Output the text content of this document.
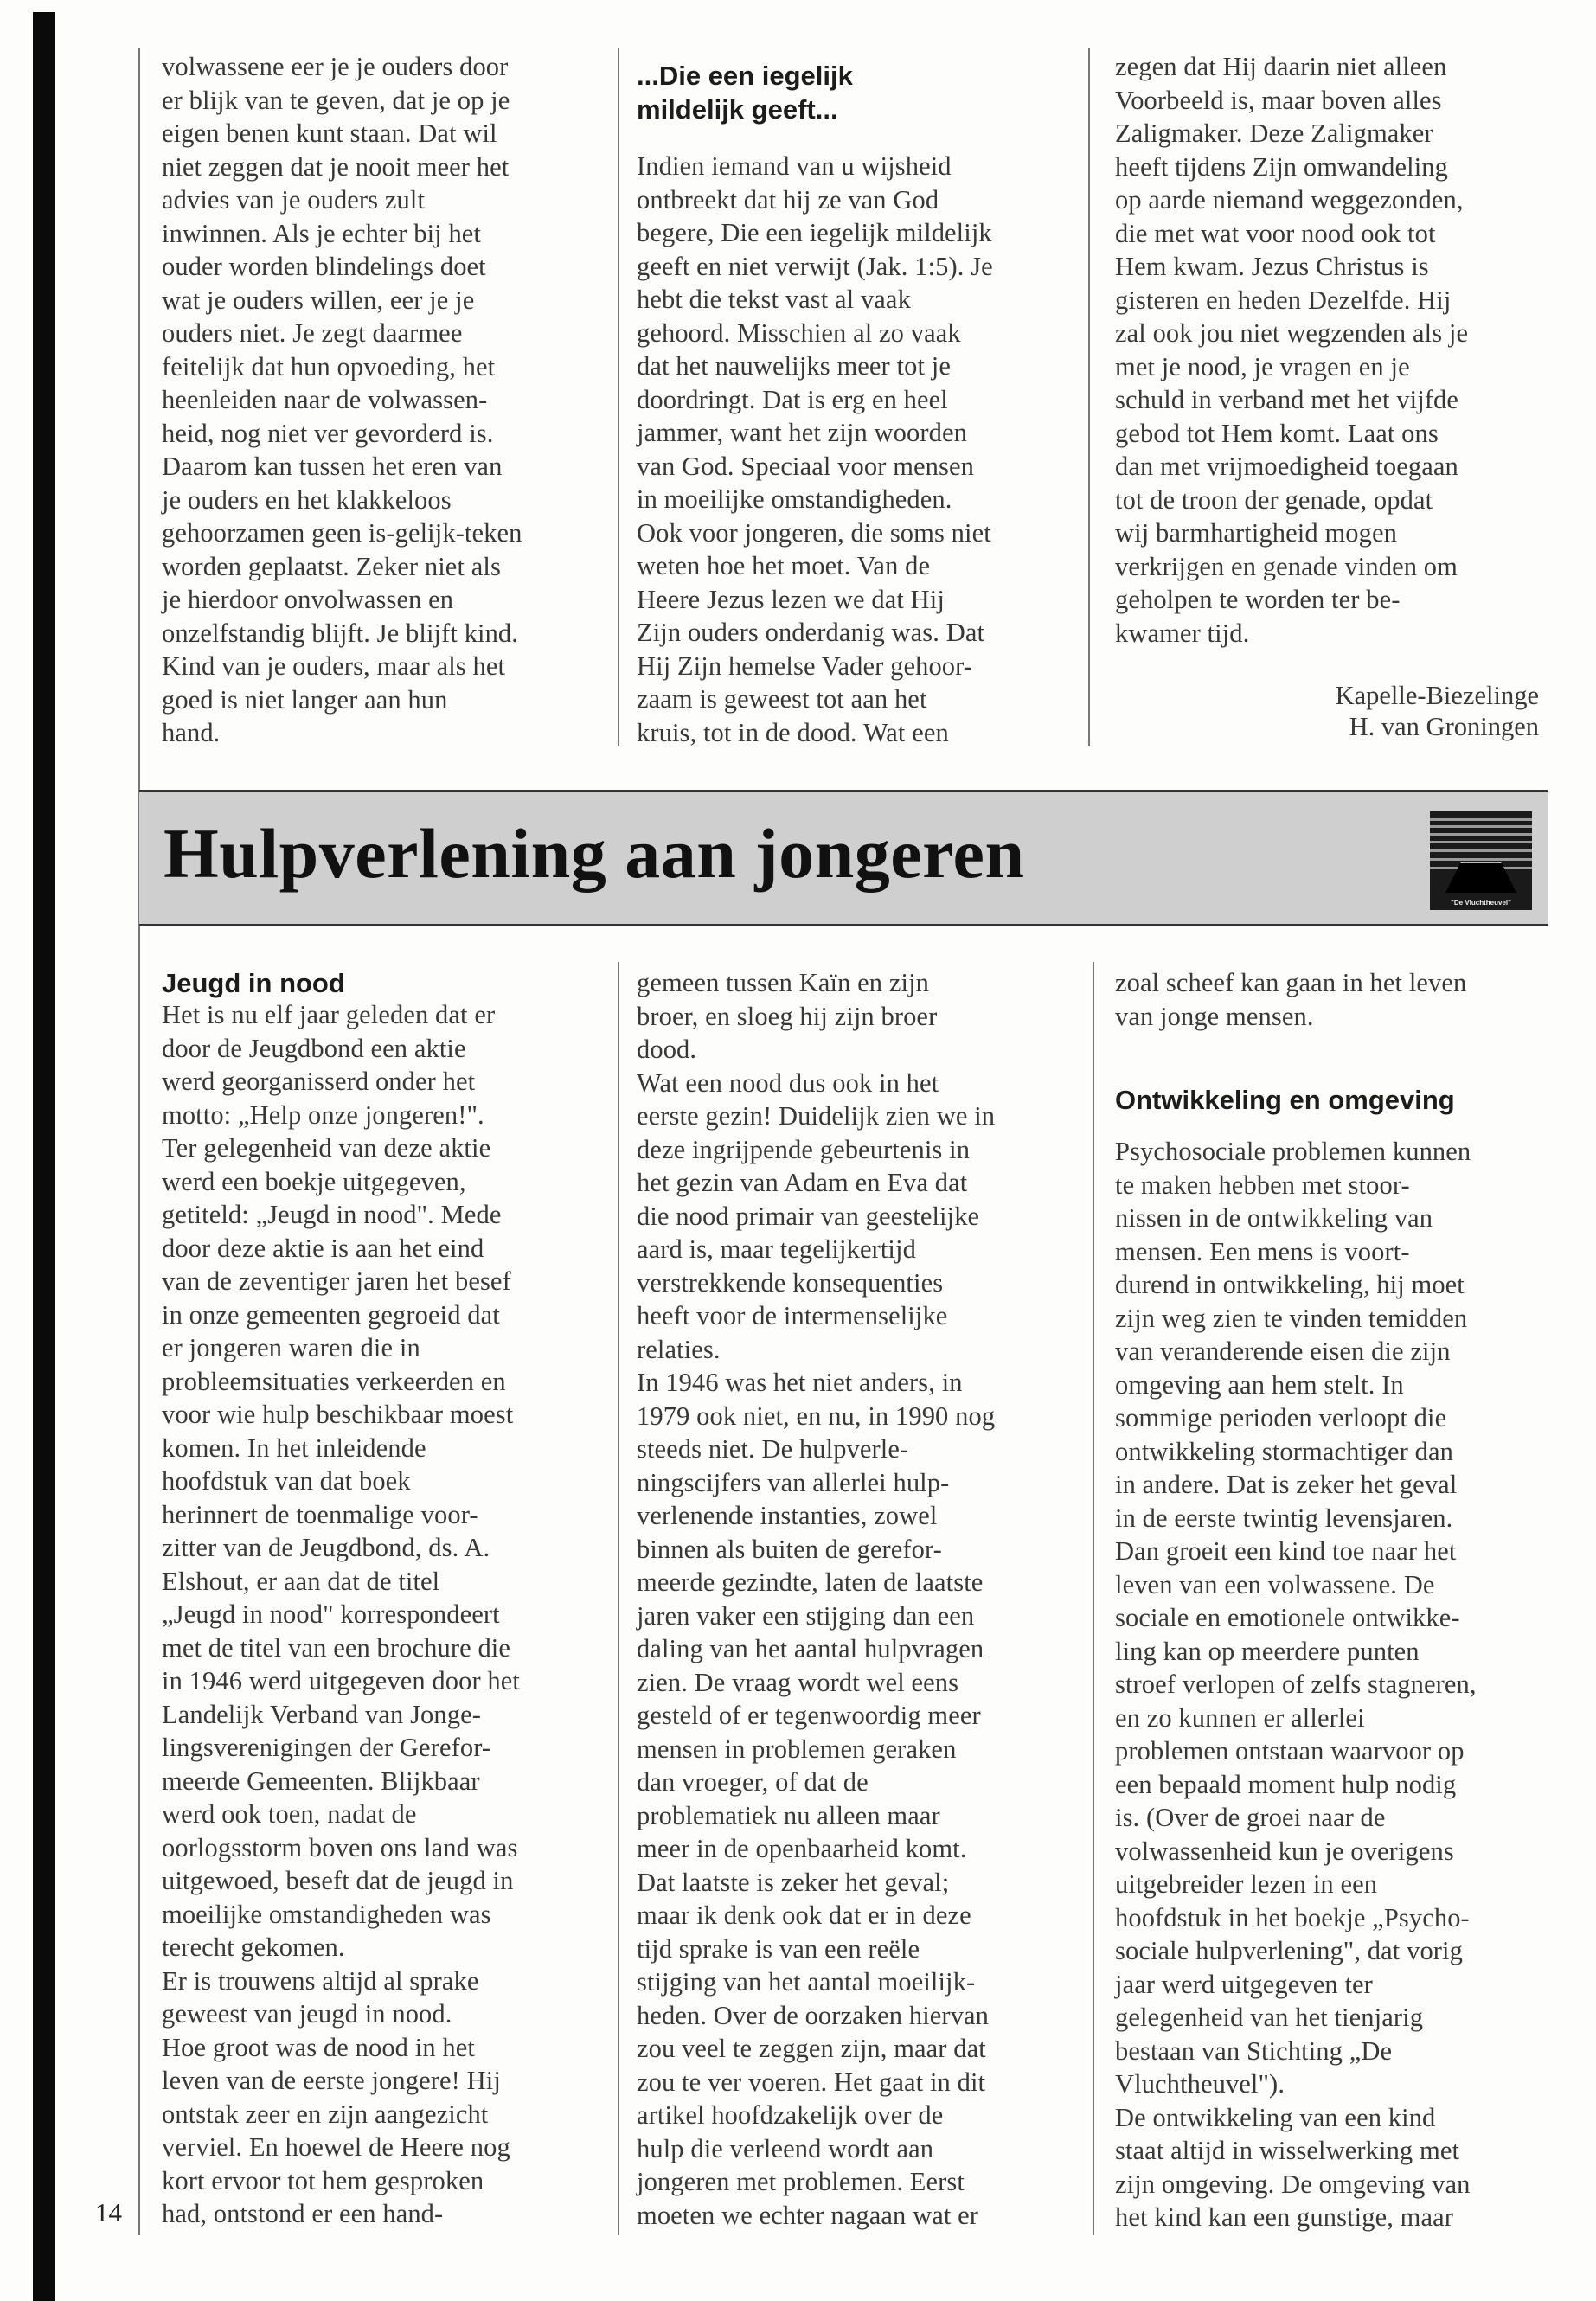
volwassene eer je je ouders door
er blijk van te geven, dat je op je
eigen benen kunt staan. Dat wil
niet zeggen dat je nooit meer het
advies van je ouders zult
inwinnen. Als je echter bij het
ouder worden blindelings doet
wat je ouders willen, eer je je
ouders niet. Je zegt daarmee
feitelijk dat hun opvoeding, het
heenleiden naar de volwassen-
heid, nog niet ver gevorderd is.
Daarom kan tussen het eren van
je ouders en het klakkeloos
gehoorzamen geen is-gelijk-teken
worden geplaatst. Zeker niet als
je hierdoor onvolwassen en
onzelfstandig blijft. Je blijft kind.
Kind van je ouders, maar als het
goed is niet langer aan hun
hand.
...Die een iegelijk
mildelijk geeft...
Indien iemand van u wijsheid
ontbreekt dat hij ze van God
begere, Die een iegelijk mildelijk
geeft en niet verwijt (Jak. 1:5). Je
hebt die tekst vast al vaak
gehoord. Misschien al zo vaak
dat het nauwelijks meer tot je
doordringt. Dat is erg en heel
jammer, want het zijn woorden
van God. Speciaal voor mensen
in moeilijke omstandigheden.
Ook voor jongeren, die soms niet
weten hoe het moet. Van de
Heere Jezus lezen we dat Hij
Zijn ouders onderdanig was. Dat
Hij Zijn hemelse Vader gehoor-
zaam is geweest tot aan het
kruis, tot in de dood. Wat een
zegen dat Hij daarin niet alleen
Voorbeeld is, maar boven alles
Zaligmaker. Deze Zaligmaker
heeft tijdens Zijn omwandeling
op aarde niemand weggezonden,
die met wat voor nood ook tot
Hem kwam. Jezus Christus is
gisteren en heden Dezelfde. Hij
zal ook jou niet wegzenden als je
met je nood, je vragen en je
schuld in verband met het vijfde
gebod tot Hem komt. Laat ons
dan met vrijmoedigheid toegaan
tot de troon der genade, opdat
wij barmhartigheid mogen
verkrijgen en genade vinden om
geholpen te worden ter be-
kwamer tijd.
Kapelle-Biezelinge
H. van Groningen
Hulpverlening aan jongeren
"De Vluchtheuvel"
Jeugd in nood
Het is nu elf jaar geleden dat er
door de Jeugdbond een aktie
werd georganisserd onder het
motto: „Help onze jongeren!".
Ter gelegenheid van deze aktie
werd een boekje uitgegeven,
getiteld: „Jeugd in nood". Mede
door deze aktie is aan het eind
van de zeventiger jaren het besef
in onze gemeenten gegroeid dat
er jongeren waren die in
probleemsituaties verkeerden en
voor wie hulp beschikbaar moest
komen. In het inleidende
hoofdstuk van dat boek
herinnert de toenmalige voor-
zitter van de Jeugdbond, ds. A.
Elshout, er aan dat de titel
„Jeugd in nood" korrespondeert
met de titel van een brochure die
in 1946 werd uitgegeven door het
Landelijk Verband van Jonge-
lingsverenigingen der Gerefor-
meerde Gemeenten. Blijkbaar
werd ook toen, nadat de
oorlogsstorm boven ons land was
uitgewoed, beseft dat de jeugd in
moeilijke omstandigheden was
terecht gekomen.
Er is trouwens altijd al sprake
geweest van jeugd in nood.
Hoe groot was de nood in het
leven van de eerste jongere! Hij
ontstak zeer en zijn aangezicht
verviel. En hoewel de Heere nog
kort ervoor tot hem gesproken
had, ontstond er een hand-
gemeen tussen Kaïn en zijn
broer, en sloeg hij zijn broer
dood.
Wat een nood dus ook in het
eerste gezin! Duidelijk zien we in
deze ingrijpende gebeurtenis in
het gezin van Adam en Eva dat
die nood primair van geestelijke
aard is, maar tegelijkertijd
verstrekkende konsequenties
heeft voor de intermenselijke
relaties.
In 1946 was het niet anders, in
1979 ook niet, en nu, in 1990 nog
steeds niet. De hulpverle-
ningscijfers van allerlei hulp-
verlenende instanties, zowel
binnen als buiten de gerefor-
meerde gezindte, laten de laatste
jaren vaker een stijging dan een
daling van het aantal hulpvragen
zien. De vraag wordt wel eens
gesteld of er tegenwoordig meer
mensen in problemen geraken
dan vroeger, of dat de
problematiek nu alleen maar
meer in de openbaarheid komt.
Dat laatste is zeker het geval;
maar ik denk ook dat er in deze
tijd sprake is van een reële
stijging van het aantal moeilijk-
heden. Over de oorzaken hiervan
zou veel te zeggen zijn, maar dat
zou te ver voeren. Het gaat in dit
artikel hoofdzakelijk over de
hulp die verleend wordt aan
jongeren met problemen. Eerst
moeten we echter nagaan wat er
zoal scheef kan gaan in het leven
van jonge mensen.
Ontwikkeling en omgeving
Psychosociale problemen kunnen
te maken hebben met stoor-
nissen in de ontwikkeling van
mensen. Een mens is voort-
durend in ontwikkeling, hij moet
zijn weg zien te vinden temidden
van veranderende eisen die zijn
omgeving aan hem stelt. In
sommige perioden verloopt die
ontwikkeling stormachtiger dan
in andere. Dat is zeker het geval
in de eerste twintig levensjaren.
Dan groeit een kind toe naar het
leven van een volwassene. De
sociale en emotionele ontwikke-
ling kan op meerdere punten
stroef verlopen of zelfs stagneren,
en zo kunnen er allerlei
problemen ontstaan waarvoor op
een bepaald moment hulp nodig
is. (Over de groei naar de
volwassenheid kun je overigens
uitgebreider lezen in een
hoofdstuk in het boekje „Psycho-
sociale hulpverlening", dat vorig
jaar werd uitgegeven ter
gelegenheid van het tienjarig
bestaan van Stichting „De
Vluchtheuvel").
De ontwikkeling van een kind
staat altijd in wisselwerking met
zijn omgeving. De omgeving van
het kind kan een gunstige, maar
14
